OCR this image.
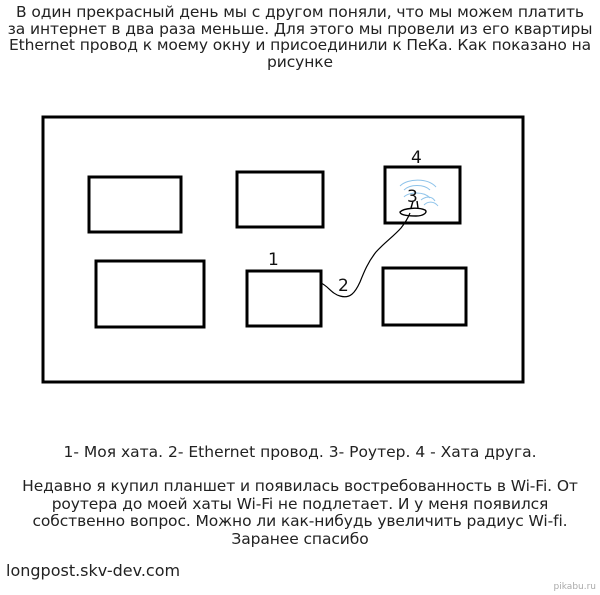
В один прекрасный день мы с другом поняли, что мы можем платить за интернет в два раза меньше. Для этого мы провели из его квартиры Ethernet провод к моему окну и присоединили к ПеКа. Как показано на рисунке

1
2
3
4

1- Моя хата. 2- Ethernet провод. 3- Роутер. 4 - Хата друга.

Недавно я купил планшет и появилась востребованность в Wi-Fi. От роутера до моей хаты Wi-Fi не подлетает. И у меня появился собственно вопрос. Можно ли как-нибудь увеличить радиус Wi-fi. Заранее спасибо

longpost.skv-dev.com

pikabu.ru
